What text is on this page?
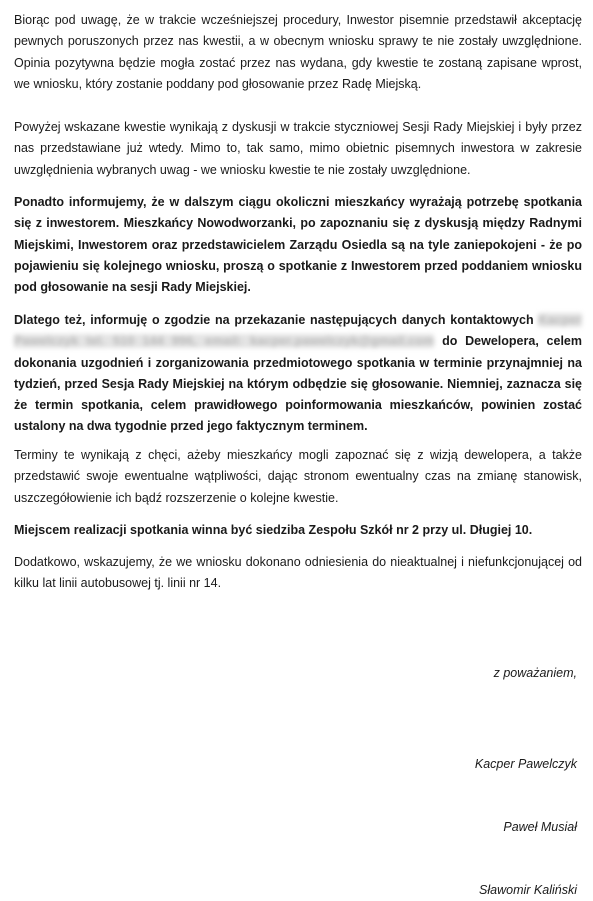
Biorąc pod uwagę, że w trakcie wcześniejszej procedury, Inwestor pisemnie przedstawił akceptację pewnych poruszonych przez nas kwestii, a w obecnym wniosku sprawy te nie zostały uwzględnione. Opinia pozytywna będzie mogła zostać przez nas wydana, gdy kwestie te zostaną zapisane wprost, we wniosku, który zostanie poddany pod głosowanie przez Radę Miejską.

Powyżej wskazane kwestie wynikają z dyskusji w trakcie styczniowej Sesji Rady Miejskiej i były przez nas przedstawiane już wtedy. Mimo to, tak samo, mimo obietnic pisemnych inwestora w zakresie uwzględnienia wybranych uwag - we wniosku kwestie te nie zostały uwzględnione.

Ponadto informujemy, że w dalszym ciągu okoliczni mieszkańcy wyrażają potrzebę spotkania się z inwestorem. Mieszkańcy Nowodworzanki, po zapoznaniu się z dyskusją między Radnymi Miejskimi, Inwestorem oraz przedstawicielem Zarządu Osiedla są na tyle zaniepokojeni - że po pojawieniu się kolejnego wniosku, proszą o spotkanie z Inwestorem przed poddaniem wniosku pod głosowanie na sesji Rady Miejskiej.

Dlatego też, informuję o zgodzie na przekazanie następujących danych kontaktowych Kacper Pawelczyk tel. 510 144 996, email: kacper.pawelczyk@gmail.com do Dewelopera, celem dokonania uzgodnień i zorganizowania przedmiotowego spotkania w terminie przynajmniej na tydzień, przed Sesja Rady Miejskiej na którym odbędzie się głosowanie. Niemniej, zaznacza się że termin spotkania, celem prawidłowego poinformowania mieszkańców, powinien zostać ustalony na dwa tygodnie przed jego faktycznym terminem.

Terminy te wynikają z chęci, ażeby mieszkańcy mogli zapoznać się z wizją dewelopera, a także przedstawić swoje ewentualne wątpliwości, dając stronom ewentualny czas na zmianę stanowisk, uszczegółowienie ich bądź rozszerzenie o kolejne kwestie.

Miejscem realizacji spotkania winna być siedziba Zespołu Szkół nr 2 przy ul. Długiej 10.

Dodatkowo, wskazujemy, że we wniosku dokonano odniesienia do nieaktualnej i niefunkcjonującej od kilku lat linii autobusowej tj. linii nr 14.

z poważaniem,
Kacper Pawelczyk
Paweł Musiał
Sławomir Kaliński
